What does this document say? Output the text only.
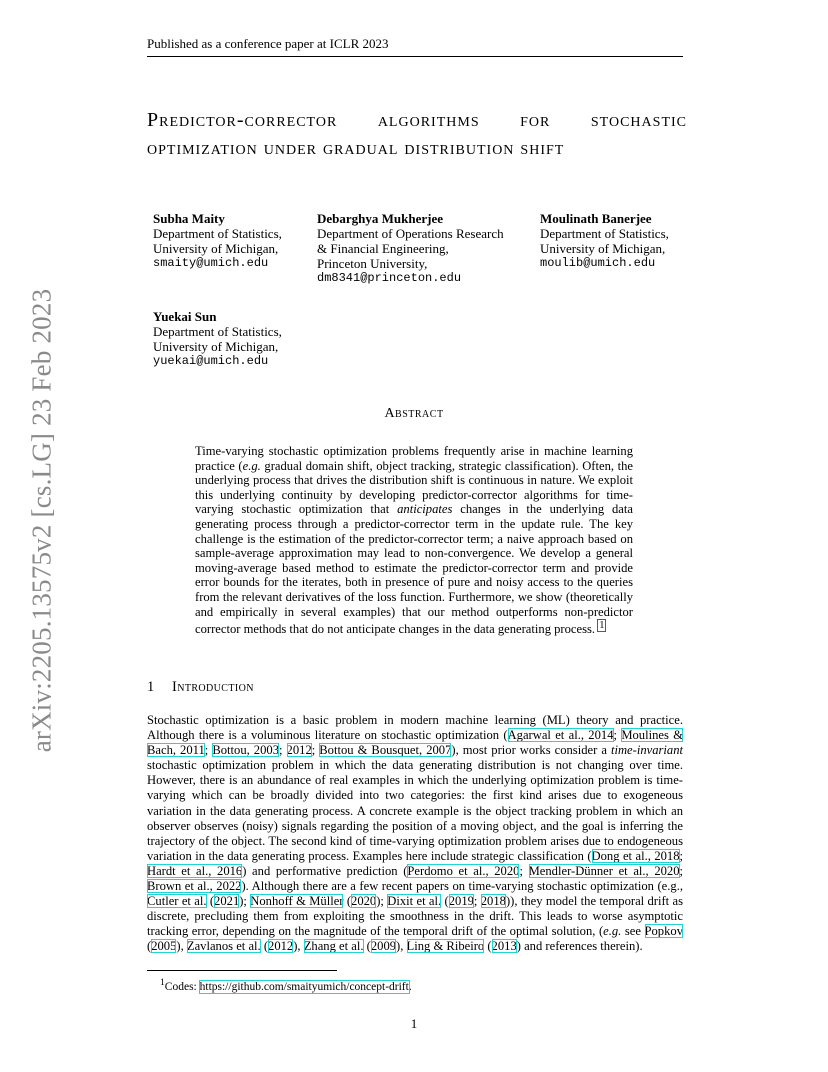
Published as a conference paper at ICLR 2023
arXiv:2205.13575v2 [cs.LG] 23 Feb 2023
Predictor-corrector algorithms for stochastic optimization under gradual distribution shift
Subha Maity
Department of Statistics,
University of Michigan,
smaity@umich.edu
Debarghya Mukherjee
Department of Operations Research
& Financial Engineering,
Princeton University,
dm8341@princeton.edu
Moulinath Banerjee
Department of Statistics,
University of Michigan,
moulib@umich.edu
Yuekai Sun
Department of Statistics,
University of Michigan,
yuekai@umich.edu
Abstract
Time-varying stochastic optimization problems frequently arise in machine learning practice (e.g. gradual domain shift, object tracking, strategic classification). Often, the underlying process that drives the distribution shift is continuous in nature. We exploit this underlying continuity by developing predictor-corrector algorithms for time-varying stochastic optimization that anticipates changes in the underlying data generating process through a predictor-corrector term in the update rule. The key challenge is the estimation of the predictor-corrector term; a naive approach based on sample-average approximation may lead to non-convergence. We develop a general moving-average based method to estimate the predictor-corrector term and provide error bounds for the iterates, both in presence of pure and noisy access to the queries from the relevant derivatives of the loss function. Furthermore, we show (theoretically and empirically in several examples) that our method outperforms non-predictor corrector methods that do not anticipate changes in the data generating process. $^1$
1 Introduction
Stochastic optimization is a basic problem in modern machine learning (ML) theory and practice. Although there is a voluminous literature on stochastic optimization (Agarwal et al., 2014; Moulines & Bach, 2011; Bottou, 2003; 2012; Bottou & Bousquet, 2007), most prior works consider a time-invariant stochastic optimization problem in which the data generating distribution is not changing over time. However, there is an abundance of real examples in which the underlying optimization problem is time-varying which can be broadly divided into two categories: the first kind arises due to exogeneous variation in the data generating process. A concrete example is the object tracking problem in which an observer observes (noisy) signals regarding the position of a moving object, and the goal is inferring the trajectory of the object. The second kind of time-varying optimization problem arises due to endogeneous variation in the data generating process. Examples here include strategic classification (Dong et al., 2018; Hardt et al., 2016) and performative prediction (Perdomo et al., 2020; Mendler-Dünner et al., 2020; Brown et al., 2022). Although there are a few recent papers on time-varying stochastic optimization (e.g., Cutler et al. (2021); Nonhoff & Müller (2020); Dixit et al. (2019; 2018)), they model the temporal drift as discrete, precluding them from exploiting the smoothness in the drift. This leads to worse asymptotic tracking error, depending on the magnitude of the temporal drift of the optimal solution, (e.g. see Popkov (2005), Zavlanos et al. (2012), Zhang et al. (2009), Ling & Ribeiro (2013) and references therein).
$^1$Codes: https://github.com/smaityumich/concept-drift.
1
